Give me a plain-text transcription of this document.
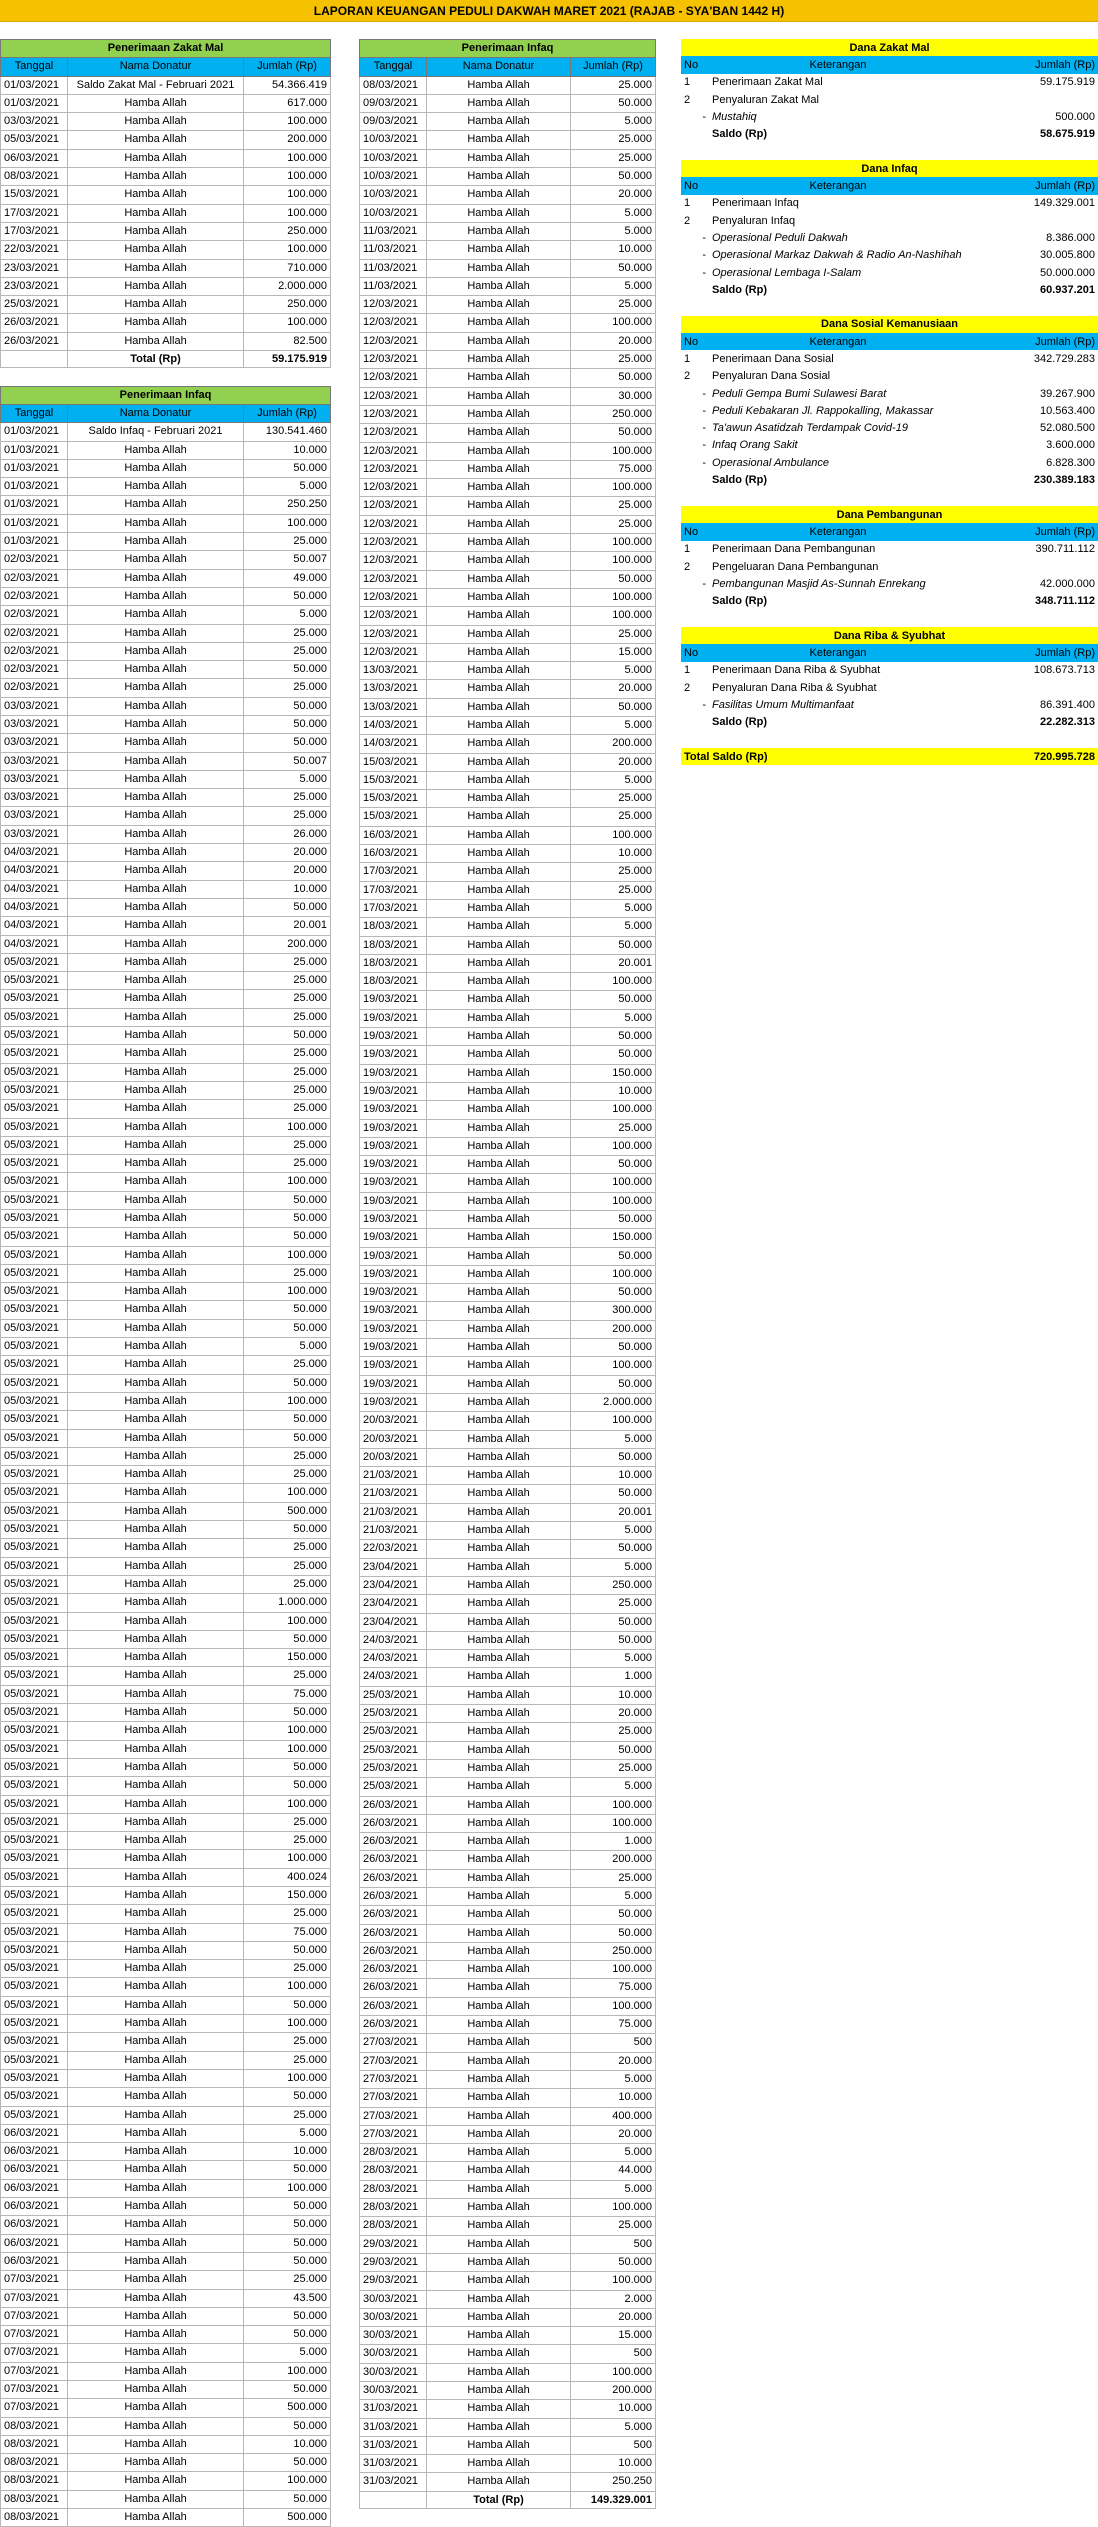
LAPORAN KEUANGAN PEDULI DAKWAH MARET 2021 (RAJAB - SYA'BAN 1442 H)
Penerimaan Zakat Mal		
Tanggal	Nama Donatur	Jumlah (Rp)
01/03/2021	Saldo Zakat Mal - Februari 2021	54.366.419
01/03/2021	Hamba Allah	617.000
03/03/2021	Hamba Allah	100.000
05/03/2021	Hamba Allah	200.000
06/03/2021	Hamba Allah	100.000
08/03/2021	Hamba Allah	100.000
15/03/2021	Hamba Allah	100.000
17/03/2021	Hamba Allah	100.000
17/03/2021	Hamba Allah	250.000
22/03/2021	Hamba Allah	100.000
23/03/2021	Hamba Allah	710.000
23/03/2021	Hamba Allah	2.000.000
25/03/2021	Hamba Allah	250.000
26/03/2021	Hamba Allah	100.000
26/03/2021	Hamba Allah	82.500
	Total (Rp)	59.175.919
Penerimaan Infaq		
Tanggal	Nama Donatur	Jumlah (Rp)
01/03/2021	Saldo Infaq - Februari 2021	130.541.460
01/03/2021	Hamba Allah	10.000
01/03/2021	Hamba Allah	50.000
01/03/2021	Hamba Allah	5.000
01/03/2021	Hamba Allah	250.250
01/03/2021	Hamba Allah	100.000
01/03/2021	Hamba Allah	25.000
02/03/2021	Hamba Allah	50.007
02/03/2021	Hamba Allah	49.000
02/03/2021	Hamba Allah	50.000
02/03/2021	Hamba Allah	5.000
02/03/2021	Hamba Allah	25.000
02/03/2021	Hamba Allah	25.000
02/03/2021	Hamba Allah	50.000
02/03/2021	Hamba Allah	25.000
03/03/2021	Hamba Allah	50.000
03/03/2021	Hamba Allah	50.000
03/03/2021	Hamba Allah	50.000
03/03/2021	Hamba Allah	50.007
03/03/2021	Hamba Allah	5.000
03/03/2021	Hamba Allah	25.000
03/03/2021	Hamba Allah	25.000
03/03/2021	Hamba Allah	26.000
04/03/2021	Hamba Allah	20.000
04/03/2021	Hamba Allah	20.000
04/03/2021	Hamba Allah	10.000
04/03/2021	Hamba Allah	50.000
04/03/2021	Hamba Allah	20.001
04/03/2021	Hamba Allah	200.000
05/03/2021	Hamba Allah	25.000
05/03/2021	Hamba Allah	25.000
05/03/2021	Hamba Allah	25.000
05/03/2021	Hamba Allah	25.000
05/03/2021	Hamba Allah	50.000
05/03/2021	Hamba Allah	25.000
05/03/2021	Hamba Allah	25.000
05/03/2021	Hamba Allah	25.000
05/03/2021	Hamba Allah	25.000
05/03/2021	Hamba Allah	100.000
05/03/2021	Hamba Allah	25.000
05/03/2021	Hamba Allah	25.000
05/03/2021	Hamba Allah	100.000
05/03/2021	Hamba Allah	50.000
05/03/2021	Hamba Allah	50.000
05/03/2021	Hamba Allah	50.000
05/03/2021	Hamba Allah	100.000
05/03/2021	Hamba Allah	25.000
05/03/2021	Hamba Allah	100.000
05/03/2021	Hamba Allah	50.000
05/03/2021	Hamba Allah	50.000
05/03/2021	Hamba Allah	5.000
05/03/2021	Hamba Allah	25.000
05/03/2021	Hamba Allah	50.000
05/03/2021	Hamba Allah	100.000
05/03/2021	Hamba Allah	50.000
05/03/2021	Hamba Allah	50.000
05/03/2021	Hamba Allah	25.000
05/03/2021	Hamba Allah	25.000
05/03/2021	Hamba Allah	100.000
05/03/2021	Hamba Allah	500.000
05/03/2021	Hamba Allah	50.000
05/03/2021	Hamba Allah	25.000
05/03/2021	Hamba Allah	25.000
05/03/2021	Hamba Allah	25.000
05/03/2021	Hamba Allah	1.000.000
05/03/2021	Hamba Allah	100.000
05/03/2021	Hamba Allah	50.000
05/03/2021	Hamba Allah	150.000
05/03/2021	Hamba Allah	25.000
05/03/2021	Hamba Allah	75.000
05/03/2021	Hamba Allah	50.000
05/03/2021	Hamba Allah	100.000
05/03/2021	Hamba Allah	100.000
05/03/2021	Hamba Allah	50.000
05/03/2021	Hamba Allah	50.000
05/03/2021	Hamba Allah	100.000
05/03/2021	Hamba Allah	25.000
05/03/2021	Hamba Allah	25.000
05/03/2021	Hamba Allah	100.000
05/03/2021	Hamba Allah	400.024
05/03/2021	Hamba Allah	150.000
05/03/2021	Hamba Allah	25.000
05/03/2021	Hamba Allah	75.000
05/03/2021	Hamba Allah	50.000
05/03/2021	Hamba Allah	25.000
05/03/2021	Hamba Allah	100.000
05/03/2021	Hamba Allah	50.000
05/03/2021	Hamba Allah	100.000
05/03/2021	Hamba Allah	25.000
05/03/2021	Hamba Allah	25.000
05/03/2021	Hamba Allah	100.000
05/03/2021	Hamba Allah	50.000
05/03/2021	Hamba Allah	25.000
06/03/2021	Hamba Allah	5.000
06/03/2021	Hamba Allah	10.000
06/03/2021	Hamba Allah	50.000
06/03/2021	Hamba Allah	100.000
06/03/2021	Hamba Allah	50.000
06/03/2021	Hamba Allah	50.000
06/03/2021	Hamba Allah	50.000
06/03/2021	Hamba Allah	50.000
07/03/2021	Hamba Allah	25.000
07/03/2021	Hamba Allah	43.500
07/03/2021	Hamba Allah	50.000
07/03/2021	Hamba Allah	50.000
07/03/2021	Hamba Allah	5.000
07/03/2021	Hamba Allah	100.000
07/03/2021	Hamba Allah	50.000
07/03/2021	Hamba Allah	500.000
08/03/2021	Hamba Allah	50.000
08/03/2021	Hamba Allah	10.000
08/03/2021	Hamba Allah	50.000
08/03/2021	Hamba Allah	100.000
08/03/2021	Hamba Allah	50.000
08/03/2021	Hamba Allah	500.000
Penerimaan Infaq		
Tanggal	Nama Donatur	Jumlah (Rp)
08/03/2021	Hamba Allah	25.000
09/03/2021	Hamba Allah	50.000
09/03/2021	Hamba Allah	5.000
10/03/2021	Hamba Allah	25.000
10/03/2021	Hamba Allah	25.000
10/03/2021	Hamba Allah	50.000
10/03/2021	Hamba Allah	20.000
10/03/2021	Hamba Allah	5.000
11/03/2021	Hamba Allah	5.000
11/03/2021	Hamba Allah	10.000
11/03/2021	Hamba Allah	50.000
11/03/2021	Hamba Allah	5.000
12/03/2021	Hamba Allah	25.000
12/03/2021	Hamba Allah	100.000
12/03/2021	Hamba Allah	20.000
12/03/2021	Hamba Allah	25.000
12/03/2021	Hamba Allah	50.000
12/03/2021	Hamba Allah	30.000
12/03/2021	Hamba Allah	250.000
12/03/2021	Hamba Allah	50.000
12/03/2021	Hamba Allah	100.000
12/03/2021	Hamba Allah	75.000
12/03/2021	Hamba Allah	100.000
12/03/2021	Hamba Allah	25.000
12/03/2021	Hamba Allah	25.000
12/03/2021	Hamba Allah	100.000
12/03/2021	Hamba Allah	100.000
12/03/2021	Hamba Allah	50.000
12/03/2021	Hamba Allah	100.000
12/03/2021	Hamba Allah	100.000
12/03/2021	Hamba Allah	25.000
12/03/2021	Hamba Allah	15.000
13/03/2021	Hamba Allah	5.000
13/03/2021	Hamba Allah	20.000
13/03/2021	Hamba Allah	50.000
14/03/2021	Hamba Allah	5.000
14/03/2021	Hamba Allah	200.000
15/03/2021	Hamba Allah	20.000
15/03/2021	Hamba Allah	5.000
15/03/2021	Hamba Allah	25.000
15/03/2021	Hamba Allah	25.000
16/03/2021	Hamba Allah	100.000
16/03/2021	Hamba Allah	10.000
17/03/2021	Hamba Allah	25.000
17/03/2021	Hamba Allah	25.000
17/03/2021	Hamba Allah	5.000
18/03/2021	Hamba Allah	5.000
18/03/2021	Hamba Allah	50.000
18/03/2021	Hamba Allah	20.001
18/03/2021	Hamba Allah	100.000
19/03/2021	Hamba Allah	50.000
19/03/2021	Hamba Allah	5.000
19/03/2021	Hamba Allah	50.000
19/03/2021	Hamba Allah	50.000
19/03/2021	Hamba Allah	150.000
19/03/2021	Hamba Allah	10.000
19/03/2021	Hamba Allah	100.000
19/03/2021	Hamba Allah	25.000
19/03/2021	Hamba Allah	100.000
19/03/2021	Hamba Allah	50.000
19/03/2021	Hamba Allah	100.000
19/03/2021	Hamba Allah	100.000
19/03/2021	Hamba Allah	50.000
19/03/2021	Hamba Allah	150.000
19/03/2021	Hamba Allah	50.000
19/03/2021	Hamba Allah	100.000
19/03/2021	Hamba Allah	50.000
19/03/2021	Hamba Allah	300.000
19/03/2021	Hamba Allah	200.000
19/03/2021	Hamba Allah	50.000
19/03/2021	Hamba Allah	100.000
19/03/2021	Hamba Allah	50.000
19/03/2021	Hamba Allah	2.000.000
20/03/2021	Hamba Allah	100.000
20/03/2021	Hamba Allah	5.000
20/03/2021	Hamba Allah	50.000
21/03/2021	Hamba Allah	10.000
21/03/2021	Hamba Allah	50.000
21/03/2021	Hamba Allah	20.001
21/03/2021	Hamba Allah	5.000
22/03/2021	Hamba Allah	50.000
23/04/2021	Hamba Allah	5.000
23/04/2021	Hamba Allah	250.000
23/04/2021	Hamba Allah	25.000
23/04/2021	Hamba Allah	50.000
24/03/2021	Hamba Allah	50.000
24/03/2021	Hamba Allah	5.000
24/03/2021	Hamba Allah	1.000
25/03/2021	Hamba Allah	10.000
25/03/2021	Hamba Allah	20.000
25/03/2021	Hamba Allah	25.000
25/03/2021	Hamba Allah	50.000
25/03/2021	Hamba Allah	25.000
25/03/2021	Hamba Allah	5.000
26/03/2021	Hamba Allah	100.000
26/03/2021	Hamba Allah	100.000
26/03/2021	Hamba Allah	1.000
26/03/2021	Hamba Allah	200.000
26/03/2021	Hamba Allah	25.000
26/03/2021	Hamba Allah	5.000
26/03/2021	Hamba Allah	50.000
26/03/2021	Hamba Allah	50.000
26/03/2021	Hamba Allah	250.000
26/03/2021	Hamba Allah	100.000
26/03/2021	Hamba Allah	75.000
26/03/2021	Hamba Allah	100.000
26/03/2021	Hamba Allah	75.000
27/03/2021	Hamba Allah	500
27/03/2021	Hamba Allah	20.000
27/03/2021	Hamba Allah	5.000
27/03/2021	Hamba Allah	10.000
27/03/2021	Hamba Allah	400.000
27/03/2021	Hamba Allah	20.000
28/03/2021	Hamba Allah	5.000
28/03/2021	Hamba Allah	44.000
28/03/2021	Hamba Allah	5.000
28/03/2021	Hamba Allah	100.000
28/03/2021	Hamba Allah	25.000
29/03/2021	Hamba Allah	500
29/03/2021	Hamba Allah	50.000
29/03/2021	Hamba Allah	100.000
30/03/2021	Hamba Allah	2.000
30/03/2021	Hamba Allah	20.000
30/03/2021	Hamba Allah	15.000
30/03/2021	Hamba Allah	500
30/03/2021	Hamba Allah	100.000
30/03/2021	Hamba Allah	200.000
31/03/2021	Hamba Allah	10.000
31/03/2021	Hamba Allah	5.000
31/03/2021	Hamba Allah	500
31/03/2021	Hamba Allah	10.000
31/03/2021	Hamba Allah	250.250
	Total (Rp)	149.329.001
Dana Zakat Mal		
No	Keterangan	Jumlah (Rp)
1	Penerimaan Zakat Mal	59.175.919
2	Penyaluran Zakat Mal	
-	Mustahiq	500.000
	Saldo (Rp)	58.675.919
Dana Infaq		
No	Keterangan	Jumlah (Rp)
1	Penerimaan Infaq	149.329.001
2	Penyaluran Infaq	
-	Operasional Peduli Dakwah	8.386.000
-	Operasional Markaz Dakwah & Radio An-Nashihah	30.005.800
-	Operasional Lembaga I-Salam	50.000.000
	Saldo (Rp)	60.937.201
Dana Sosial Kemanusiaan		
No	Keterangan	Jumlah (Rp)
1	Penerimaan Dana Sosial	342.729.283
2	Penyaluran Dana Sosial	
-	Peduli Gempa Bumi Sulawesi Barat	39.267.900
-	Peduli Kebakaran Jl. Rappokalling, Makassar	10.563.400
-	Ta'awun Asatidzah Terdampak Covid-19	52.080.500
-	Infaq Orang Sakit	3.600.000
-	Operasional Ambulance	6.828.300
	Saldo (Rp)	230.389.183
Dana Pembangunan		
No	Keterangan	Jumlah (Rp)
1	Penerimaan Dana Pembangunan	390.711.112
2	Pengeluaran Dana Pembangunan	
-	Pembangunan Masjid As-Sunnah Enrekang	42.000.000
	Saldo (Rp)	348.711.112
Dana Riba & Syubhat		
No	Keterangan	Jumlah (Rp)
1	Penerimaan Dana Riba & Syubhat	108.673.713
2	Penyaluran Dana Riba & Syubhat	
-	Fasilitas Umum Multimanfaat	86.391.400
	Saldo (Rp)	22.282.313
Total Saldo (Rp)	720.995.728
